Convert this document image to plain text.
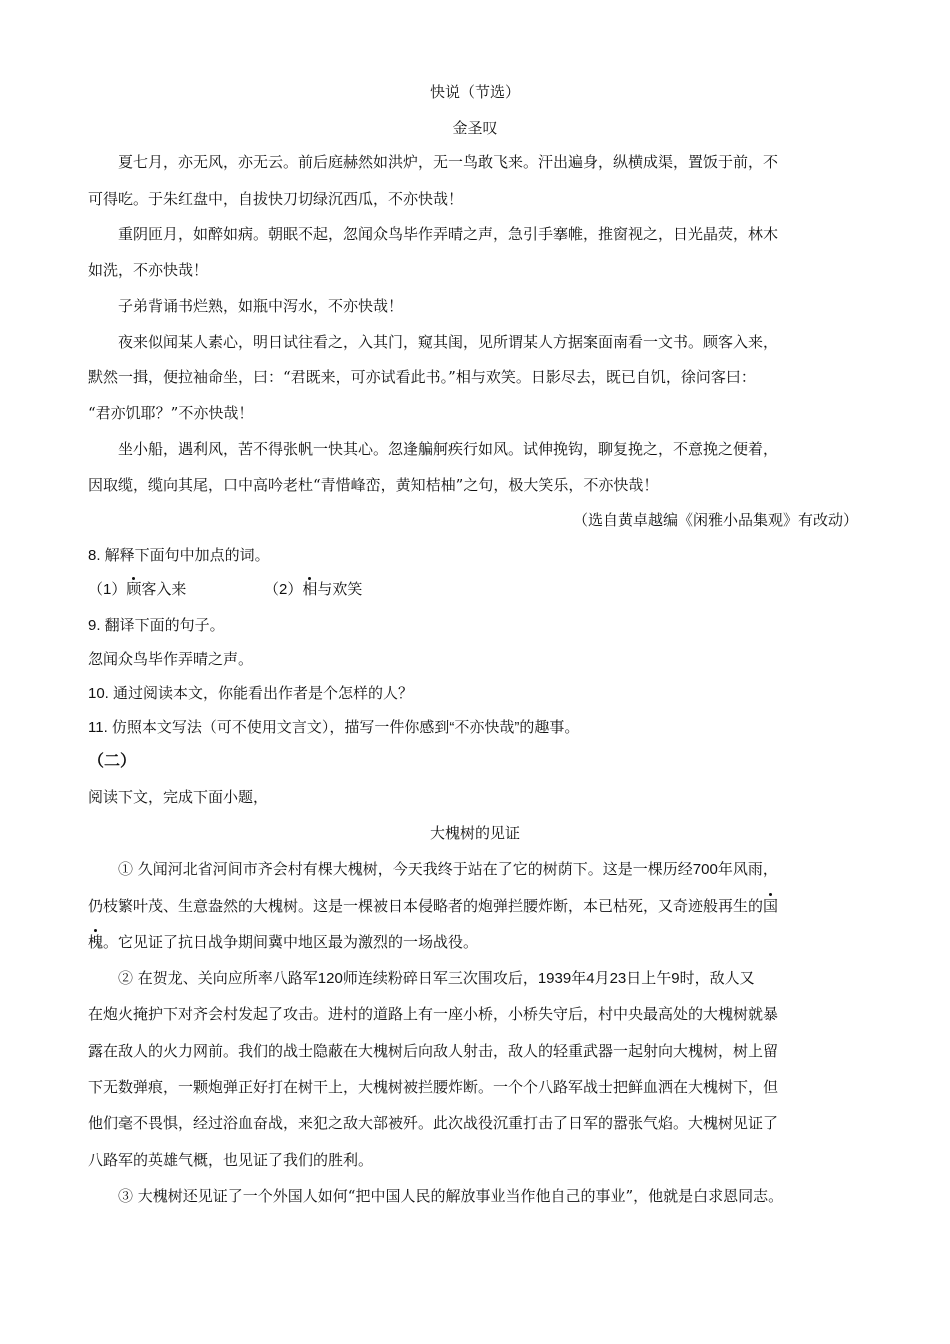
快说（节选）
金圣叹
夏七月，亦无风，亦无云。前后庭赫然如洪炉，无一鸟敢飞来。汗出遍身，纵横成渠，置饭于前，不
可得吃。于朱红盘中，自拔快刀切绿沉西瓜，不亦快哉！
重阴匝月，如醉如病。朝眠不起，忽闻众鸟毕作弄晴之声，急引手搴帷，推窗视之，日光晶荧，林木
如洗，不亦快哉！
子弟背诵书烂熟，如瓶中泻水，不亦快哉！
夜来似闻某人素心，明日试往看之，入其门，窥其闺，见所谓某人方据案面南看一文书。顾客入来，
默然一揖，便拉袖命坐，曰：“君既来，可亦试看此书。”相与欢笑。日影尽去，既已自饥，徐问客曰：
“君亦饥耶？”不亦快哉！
坐小船，遇利风，苦不得张帆一快其心。忽逢艑舸疾行如风。试伸挽钩，聊复挽之，不意挽之便着，
因取缆，缆向其尾，口中高吟老杜“青惜峰峦，黄知桔柚”之句，极大笑乐，不亦快哉！
（选自黄卓越编《闲雅小品集观》有改动）
8. 解释下面句中加点的词。
（1）顾客入来	（2）相与欢笑
9. 翻译下面的句子。
忽闻众鸟毕作弄晴之声。
10. 通过阅读本文，你能看出作者是个怎样的人？
11. 仿照本文写法（可不使用文言文），描写一件你感到“不亦快哉”的趣事。
（二）
阅读下文，完成下面小题，
大槐树的见证
① 久闻河北省河间市齐会村有棵大槐树，今天我终于站在了它的树荫下。这是一棵历经700年风雨，
仍枝繁叶茂、生意盎然的大槐树。这是一棵被日本侵略者的炮弹拦腰炸断，本已枯死，又奇迹般再生的国
槐。它见证了抗日战争期间冀中地区最为激烈的一场战役。
② 在贺龙、关向应所率八路军120师连续粉碎日军三次围攻后，1939年4月23日上午9时，敌人又
在炮火掩护下对齐会村发起了攻击。进村的道路上有一座小桥，小桥失守后，村中央最高处的大槐树就暴
露在敌人的火力网前。我们的战士隐蔽在大槐树后向敌人射击，敌人的轻重武器一起射向大槐树，树上留
下无数弹痕，一颗炮弹正好打在树干上，大槐树被拦腰炸断。一个个八路军战士把鲜血洒在大槐树下，但
他们毫不畏惧，经过浴血奋战，来犯之敌大部被歼。此次战役沉重打击了日军的嚣张气焰。大槐树见证了
八路军的英雄气概，也见证了我们的胜利。
③ 大槐树还见证了一个外国人如何“把中国人民的解放事业当作他自己的事业”，他就是白求恩同志。
